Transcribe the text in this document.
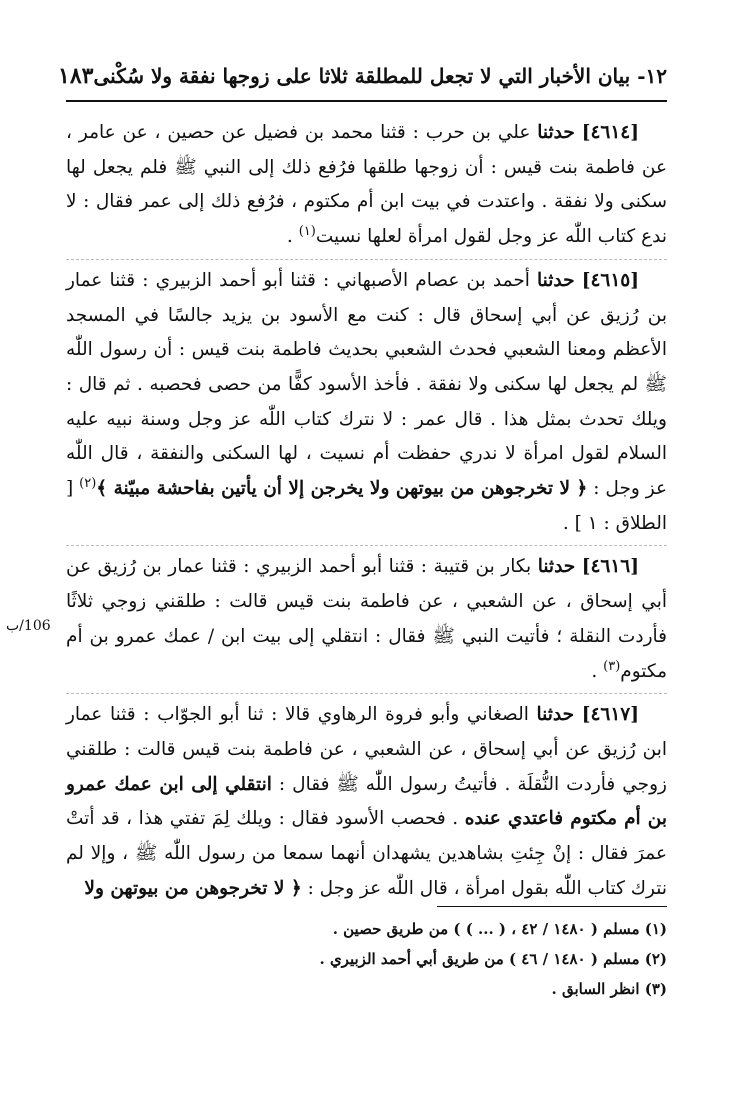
١٢- بيان الأخبار التي لا تجعل للمطلقة ثلاثا على زوجها نفقة ولا سُكْنى
١٨٣

[٤٦١٤] حدثنا علي بن حرب : قثنا محمد بن فضيل عن حصين ، عن عامر ، عن فاطمة بنت قيس : أن زوجها طلقها فرُفع ذلك إلى النبي ﷺ فلم يجعل لها سكنى ولا نفقة . واعتدت في بيت ابن أم مكتوم ، فرُفع ذلك إلى عمر فقال : لا ندع كتاب اللّٰه عز وجل لقول امرأة لعلها نسيت$^{(١)}$ .

[٤٦١٥] حدثنا أحمد بن عصام الأصبهاني : قثنا أبو أحمد الزبيري : قثنا عمار بن رُزيق عن أبي إسحاق قال : كنت مع الأسود بن يزيد جالسًا في المسجد الأعظم ومعنا الشعبي فحدث الشعبي بحديث فاطمة بنت قيس : أن رسول اللّٰه ﷺ لم يجعل لها سكنى ولا نفقة . فأخذ الأسود كفًّا من حصى فحصبه . ثم قال : ويلك تحدث بمثل هذا . قال عمر : لا نترك كتاب اللّٰه عز وجل وسنة نبيه عليه السلام لقول امرأة لا ندري حفظت أم نسيت ، لها السكنى والنفقة ، قال اللّٰه عز وجل : ﴿ لا تخرجوهن من بيوتهن ولا يخرجن إلا أن يأتين بفاحشة مبيّنة ﴾$^{(٢)}$ [ الطلاق : ١ ] .

[٤٦١٦] حدثنا بكار بن قتيبة : قثنا أبو أحمد الزبيري : قثنا عمار بن رُزيق عن أبي إسحاق ، عن الشعبي ، عن فاطمة بنت قيس قالت : طلقني زوجي ثلاثًا فأردت النقلة ؛ فأتيت النبي ﷺ فقال : انتقلي إلى بيت ابن / عمك عمرو بن أم مكتوم$^{(٣)}$ .

[٤٦١٧] حدثنا الصغاني وأبو فروة الرهاوي قالا : ثنا أبو الجوّاب : قثنا عمار ابن رُزيق عن أبي إسحاق ، عن الشعبي ، عن فاطمة بنت قيس قالت : طلقني زوجي فأردت النُّقلَة . فأتيتُ رسول اللّٰه ﷺ فقال : انتقلي إلى ابن عمك عمرو بن أم مكتوم فاعتدي عنده . فحصب الأسود فقال : ويلك لِمَ تفتي هذا ، قد أتتْ عمرَ فقال : إنْ جِئتِ بشاهدين يشهدان أنهما سمعا من رسول اللّٰه ﷺ ، وإلا لم نترك كتاب اللّٰه بقول امرأة ، قال اللّٰه عز وجل : ﴿ لا تخرجوهن من بيوتهن ولا

106/ب

(١) مسلم ( ١٤٨٠ / ٤٢ ، ( ... ) ) من طريق حصين .

(٢) مسلم ( ١٤٨٠ / ٤٦ ) من طريق أبي أحمد الزبيري .

(٣) انظر السابق .
